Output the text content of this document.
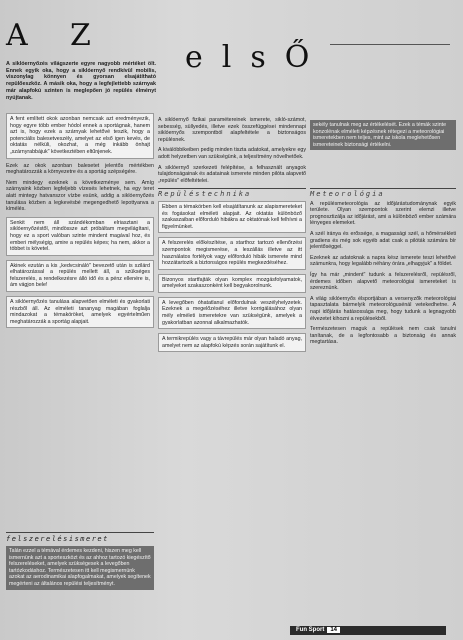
A Z
elsŐ
A siklóernyőzés világszerte egyre nagyobb mértéket ölt. Ennek egyik oka, hogy a siklóernyő rendkívül mobilis, viszonylag könnyen és gyorsan elsajátítható repülőeszköz. A másik oka, hogy a legfejlettebb szárnyak már alapfokú szinten is meglepően jó repülés élményt nyújtanak.

A fent említett okok azonban nemcsak azt eredményezik, hogy egyre több ember hódol ennek a sportágnak, hanem azt is, hogy ezek a szárnyak lehetővé teszik, hogy a potenciális balesetveszély, amelyet az első igen kevés, de oktatás nélküli, okozhat, a még inkább önhajt „szárnyrabbájuk" következtében eltűnjenek.

Ezek az okok azonban balesetet jelentős mértékben meghatározzák a környezetre és a sportág szépségére.

Nem mindegy ezeknek a következménye sem. Amíg szárnyaink közben legfeljebb vízesés lehetnek, ha egy teret alatt mintegy hatvanszor vízbe esünk, addig a siklóernyőzés tanulása közben a legkevésbé megengedhető lepottyanva a kímélés.

Senkit nem áll szándékomban elriasztani a siklóernyőzéstől, mindössze azt próbáltam megvilágítani, hogy ez a sport valóban szinte mindent magával hoz, és emberi mélységig, amire a repülés képes; ha nem, akkor a többet is követel.

Akinek ezután a kis „kedvcsináló" bevezető után is szilárd elhatározással a repülés mellett áll, a szükséges felszerelés, a rendelkezésre álló idő és a pénz ellenére is, ám vágjon bele!

A siklóernyőzés tanulása alapvetően elméleti és gyakorlati részből áll. Az elméleti tananyag magában foglalja mindazokat a témaköröket, amelyek egyértelműen meghatározzák a sportág alapjait.

felszerelésismeret

Talán ezzel a témával érdemes kezdeni, hiszen meg kell ismernünk azt a sporteszközt és az ahhoz tartozó kiegészítő felszereléseket, amelyek szükségesek a levegőben tartózkodáshoz. Természetesen itt kell megismernünk azokat az aerodinamikai alapfogalmakat, amelyek segítenek megérteni az általános repülési teljesítményt.

A siklóernyő fizikai paramétereinek ismerete, sikló-számot, sebesség, süllyedés, illetve ezek összefüggései mindennapi siklóernyős szempontból alapfeltétele a biztonságos repülésnek.

A kiválóbbikeiben pedig minden tiszta adatokat, amelyekre egy adott helyzetben van szükségünk, a teljesítmény növelhetőek.

A siklóernyő szerkezeti felépítése, a felhasznált anyagok tulajdonságainak és adatainak ismerete minden pilóta alapvető „repülés" előfeltételei.

Repüléstechnika

Ebben a témakörben kell elsajátítanunk az alapismereteket és fogásokat elméleti alapjait. Az oktatás különböző szakaszaiban előforduló hibákra az oktatónak kell felhívni a figyelmünket.

A felszerelés előkészítése, a starthoz tartozó ellenőrzési szempontok megismerése, a leszállás illetve az itt használatos fortélyok vagy előforduló hibák ismerete mind hozzátartozik a biztonságos repülés megkezdéséhez.

Bizonyos startfajták olyan komplex mozgásfolyamatok, amelyeket szakaszonként kell begyakorolnunk.

A levegőben óhatatlanul előfordulnak veszélyhelyzetek. Ezeknek a megelőzéséhez illetve korrigálásához olyan mély elméleti ismeretekre van szükségünk, amelyek a gyakorlatban azonnal alkalmazhatók.

A termikrepülés vagy a távrepülés már olyan haladó anyag, amelyet nem az alapfokú képzés során sajátítunk el.

sekély tanulnak meg az értékelését. Ezek a témák szinte konzolénak elméleti képzésnek rétegezi a meteorológiai ismeretekben nem teljes, mint az iskola meglehetősen ismereteinek biztonsági értékelni.

Meteorológia

A repülésmeteorológia az időjárástudománynak egyik területe. Olyan szempontok szerint elemzi illetve prognosztizálja az időjárást, ami a különböző ember számára lényeges elemeket.

A szél iránya és erőssége, a magassági szél, a hőmérsékleti gradiens és még sok egyéb adat csak a pilóták számára bír jelentőséggel.

Ezeknek az adatoknak a napra kész ismerete teszi lehetővé számunkra, hogy legalább néhány órára „elhagyjuk" a földet.

Így ha már „mindent" tudunk a felszerelésről, repülésről, érdemes időben alapvető meteorológiai ismereteket is szereznünk.

A világ siklóernyős élsportjában a versenyzők meteorológiai tapasztalata bármelyik meteorológusénál vetekedhetne. A napi időjárás hatásossága meg, hogy tudunk a legnagyobb élvezetet kihozni a repülésekből.

Természetesen maguk a repülések nem csak tanulni tanítanak, de a legfontosabb a biztonság és annak megtartása.

Fun Sport 14
